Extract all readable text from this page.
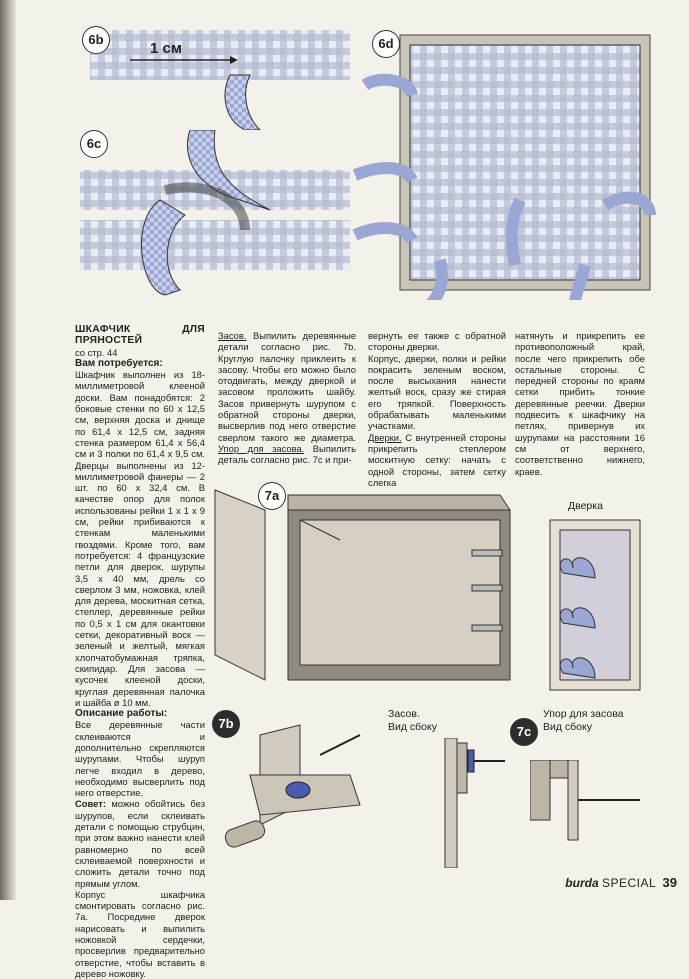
6b
1 см
6c
6d

ШКАФЧИК ДЛЯ ПРЯНОСТЕЙ

со стр. 44

Вам потребуется:

Шкафчик выполнен из 18-миллиметровой клееной доски. Вам понадобятся: 2 боковые стенки по 60 x 12,5 см, верхняя доска и днище по 61,4 x 12,5 см, задняя стенка размером 61,4 x 56,4 см и 3 полки по 61,4 x 9,5 см. Дверцы выполнены из 12-миллиметровой фанеры — 2 шт. по 60 x 32,4 см. В качестве опор для полок использованы рейки 1 x 1 x 9 см, рейки прибиваются к стенкам маленькими гвоздями. Кроме того, вам потребуется: 4 французские петли для дверок, шурупы 3,5 x 40 мм, дрель со сверлом 3 мм, ножовка, клей для дерева, москитная сетка, степлер, деревянные рейки по 0,5 x 1 см для окантовки сетки, декоративный воск — зеленый и желтый, мягкая хлопчатобумажная тряпка, скипидар. Для засова — кусочек клееной доски, круглая деревянная палочка и шайба ø 10 мм.

Описание работы:

Все деревянные части склеиваются и дополнительно скрепляются шурупами. Чтобы шуруп легче входил в дерево, необходимо высверлить под него отверстие.

Совет: можно обойтись без шурупов, если склеивать детали с помощью струбцин, при этом важно нанести клей равномерно по всей склеиваемой поверхности и сложить детали точно под прямым углом.

Корпус шкафчика смонтировать согласно рис. 7а. Посредине дверок нарисовать и выпилить ножовкой сердечки, просверлив предварительно отверстие, чтобы вставить в дерево ножовку.

Засов. Выпилить деревянные детали согласно рис. 7b. Круглую палочку приклеить к засову. Чтобы его можно было отодвигать, между дверкой и засовом проложить шайбу. Засов привернуть шурупом с обратной стороны дверки, высверлив под него отверстие сверлом такого же диаметра. Упор для засова. Выпилить деталь согласно рис. 7c и при-

вернуть ее также с обратной стороны дверки.

Корпус, дверки, полки и рейки покрасить зеленым воском, после высыхания нанести желтый воск, сразу же стирая его тряпкой. Поверхность обрабатывать маленькими участками.

Дверки. С внутренней стороны прикрепить степлером москитную сетку: начать с одной стороны, затем сетку слегка

натянуть и прикрепить ее противоположный край, после чего прикрепить обе остальные стороны. С передней стороны по краям сетки прибить тонкие деревянные реечки. Дверки подвесить к шкафчику на петлях, привернув их шурупами на расстоянии 16 см от верхнего, соответственно нижнего, краев.

7a
Дверка
7b
Засов.
Вид сбоку	7c
Упор для засова
Вид сбоку
burda SPECIAL 39
